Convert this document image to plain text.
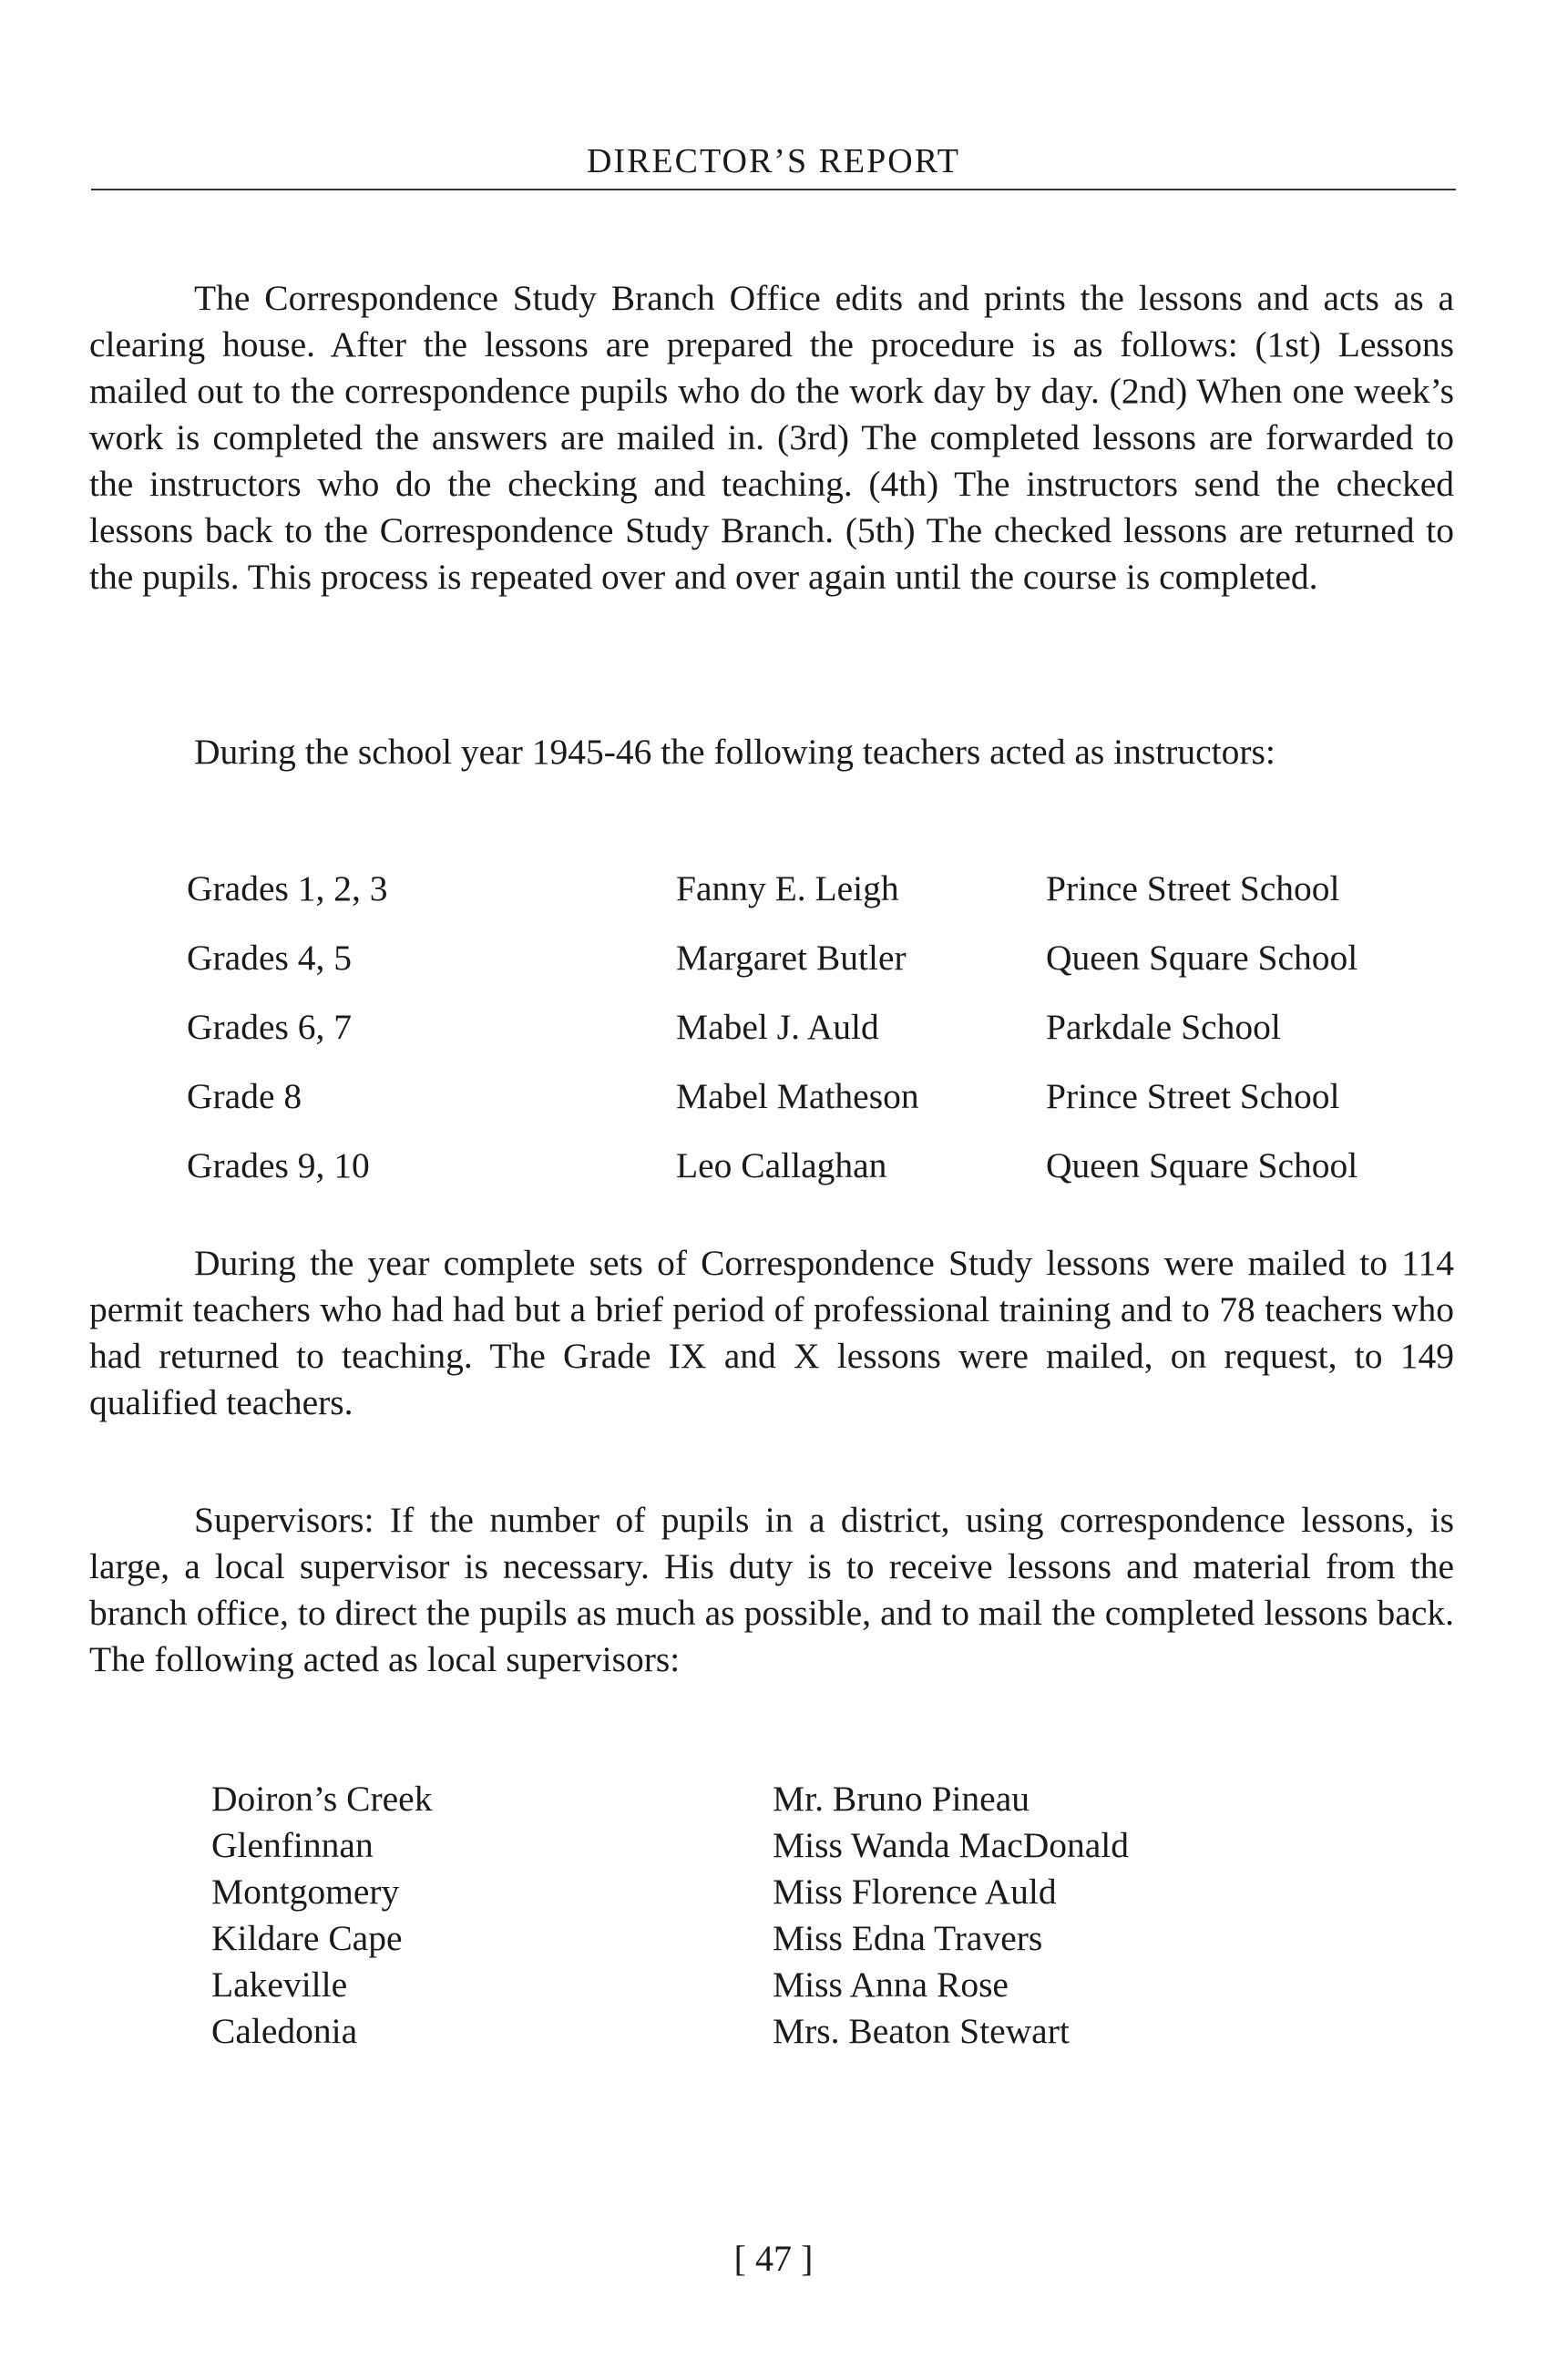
DIRECTOR’S REPORT

The Correspondence Study Branch Office edits and prints the lessons and acts as a clearing house. After the lessons are prepared the procedure is as follows: (1st) Lessons mailed out to the correspondence pupils who do the work day by day. (2nd) When one week’s work is completed the answers are mailed in. (3rd) The completed lessons are forwarded to the instructors who do the checking and teaching. (4th) The instructors send the checked lessons back to the Correspondence Study Branch. (5th) The checked lessons are returned to the pupils. This process is repeated over and over again until the course is completed.

During the school year 1945-46 the following teachers acted as instructors:

Grades 1, 2, 3	Fanny E. Leigh	Prince Street School
Grades 4, 5	Margaret Butler	Queen Square School
Grades 6, 7	Mabel J. Auld	Parkdale School
Grade 8	Mabel Matheson	Prince Street School
Grades 9, 10	Leo Callaghan	Queen Square School

During the year complete sets of Correspondence Study lessons were mailed to 114 permit teachers who had had but a brief period of professional training and to 78 teachers who had returned to teaching. The Grade IX and X lessons were mailed, on request, to 149 qualified teachers.

Supervisors: If the number of pupils in a district, using correspondence lessons, is large, a local supervisor is necessary. His duty is to receive lessons and material from the branch office, to direct the pupils as much as possible, and to mail the completed lessons back. The following acted as local supervisors:

Doiron’s Creek	Mr. Bruno Pineau
Glenfinnan	Miss Wanda MacDonald
Montgomery	Miss Florence Auld
Kildare Cape	Miss Edna Travers
Lakeville	Miss Anna Rose
Caledonia	Mrs. Beaton Stewart
[ 47 ]
